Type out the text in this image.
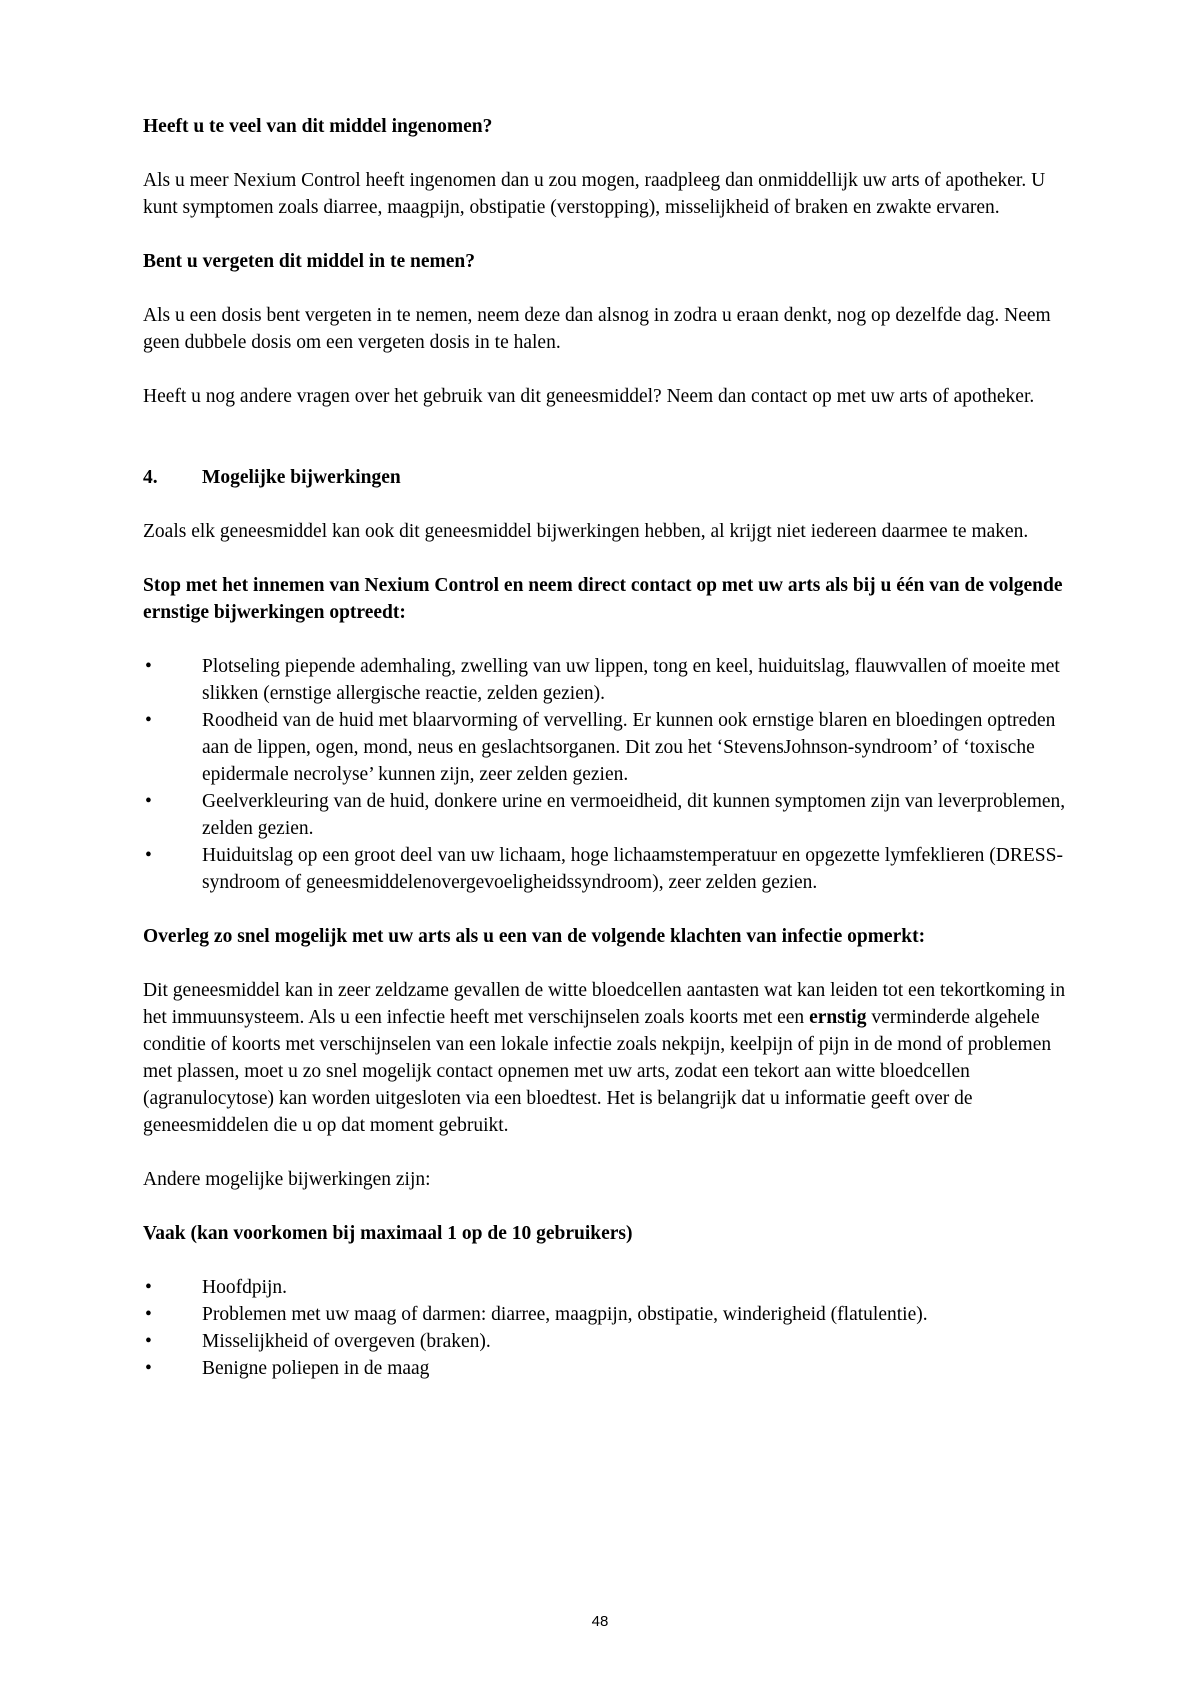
Heeft u te veel van dit middel ingenomen?

Als u meer Nexium Control heeft ingenomen dan u zou mogen, raadpleeg dan onmiddellijk uw arts of apotheker. U kunt symptomen zoals diarree, maagpijn, obstipatie (verstopping), misselijkheid of braken en zwakte ervaren.

Bent u vergeten dit middel in te nemen?

Als u een dosis bent vergeten in te nemen, neem deze dan alsnog in zodra u eraan denkt, nog op dezelfde dag. Neem geen dubbele dosis om een vergeten dosis in te halen.

Heeft u nog andere vragen over het gebruik van dit geneesmiddel? Neem dan contact op met uw arts of apotheker.

4.	Mogelijke bijwerkingen

Zoals elk geneesmiddel kan ook dit geneesmiddel bijwerkingen hebben, al krijgt niet iedereen daarmee te maken.

Stop met het innemen van Nexium Control en neem direct contact op met uw arts als bij u één van de volgende ernstige bijwerkingen optreedt:

•	Plotseling piepende ademhaling, zwelling van uw lippen, tong en keel, huiduitslag, flauwvallen of moeite met slikken (ernstige allergische reactie, zelden gezien).
•	Roodheid van de huid met blaarvorming of vervelling. Er kunnen ook ernstige blaren en bloedingen optreden aan de lippen, ogen, mond, neus en geslachtsorganen. Dit zou het ‘StevensJohnson-syndroom’ of ‘toxische epidermale necrolyse’ kunnen zijn, zeer zelden gezien.
•	Geelverkleuring van de huid, donkere urine en vermoeidheid, dit kunnen symptomen zijn van leverproblemen, zelden gezien.
•	Huiduitslag op een groot deel van uw lichaam, hoge lichaamstemperatuur en opgezette lymfeklieren (DRESS-syndroom of geneesmiddelenovergevoeligheidssyndroom), zeer zelden gezien.

Overleg zo snel mogelijk met uw arts als u een van de volgende klachten van infectie opmerkt:

Dit geneesmiddel kan in zeer zeldzame gevallen de witte bloedcellen aantasten wat kan leiden tot een tekortkoming in het immuunsysteem. Als u een infectie heeft met verschijnselen zoals koorts met een ernstig verminderde algehele conditie of koorts met verschijnselen van een lokale infectie zoals nekpijn, keelpijn of pijn in de mond of problemen met plassen, moet u zo snel mogelijk contact opnemen met uw arts, zodat een tekort aan witte bloedcellen (agranulocytose) kan worden uitgesloten via een bloedtest. Het is belangrijk dat u informatie geeft over de geneesmiddelen die u op dat moment gebruikt.

Andere mogelijke bijwerkingen zijn:

Vaak (kan voorkomen bij maximaal 1 op de 10 gebruikers)

•	Hoofdpijn.
•	Problemen met uw maag of darmen: diarree, maagpijn, obstipatie, winderigheid (flatulentie).
•	Misselijkheid of overgeven (braken).
•	Benigne poliepen in de maag
48
